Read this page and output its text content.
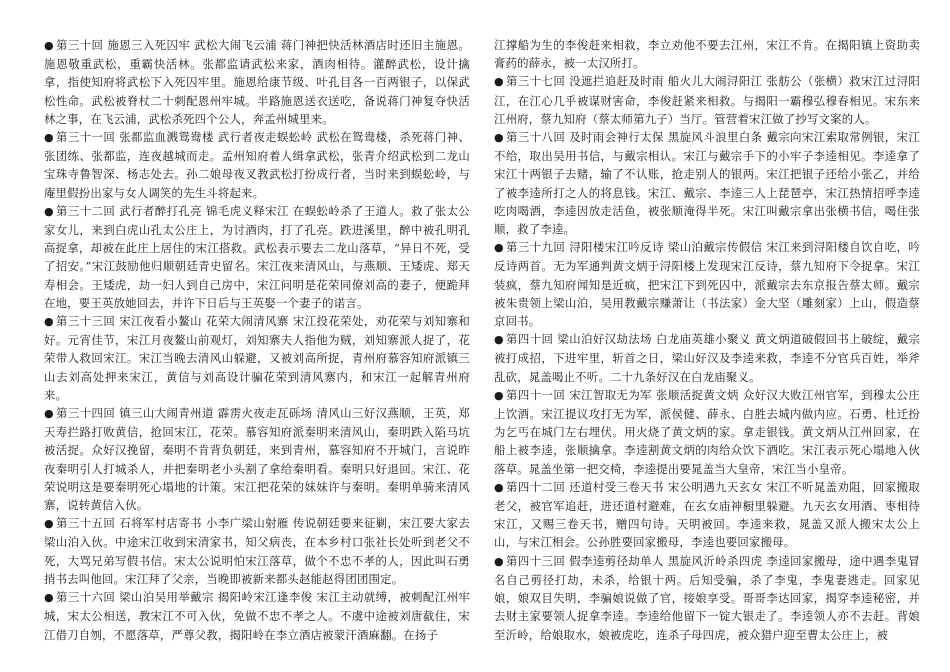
● 第三十回 施恩三入死囚牢 武松大闹飞云浦 蒋门神把快活林酒店时还旧主施恩。施恩敬重武松，重霸快活林。张都监请武松来家，酒肉相待。灌醉武松，设计擒拿，指使知府将武松下入死囚牢里。施恩给康节级、叶孔目各一百两银子，以保武松性命。武松被脊杖二十刺配恩州牢城。半路施恩送衣送吃，备说蒋门神复夺快活林之事，在飞云浦，武松杀死四个公人，奔孟州城里来。

● 第三十一回 张都监血溅鸳鸯楼 武行者夜走蜈蚣岭 武松在鸳鸯楼，杀死蒋门神、张团练、张都监，连夜越城而走。孟州知府着人缉拿武松，张青介绍武松到二龙山宝珠寺鲁智深、杨志处去。孙二娘母夜叉教武松打扮成行者，当时来到蜈蚣岭，与庵里假扮出家与女人调笑的先生斗将起来。

● 第三十二回 武行者醉打孔亮 锦毛虎义释宋江 在蜈蚣岭杀了王道人。救了张太公家女儿，来到白虎山孔太公庄上，为讨酒肉，打了孔亮。跌进溪里，醉中被孔明孔高捉拿，却被在此庄上居住的宋江搭救。武松表示要去二龙山落草，“异日不死，受了招安。”宋江鼓励他归顺朝廷青史留名。宋江夜来清风山，与燕顺、王矮虎、郑天寿相会。王矮虎，劫一妇人到自己房中，宋江问明是花荣同僚刘高的妻子，便跪拜在地，要王英放她回去，并许下日后与王英娶一个妻子的诺言。

● 第三十三回 宋江夜看小鳌山 花荣大闹清风寨 宋江投花荣处，劝花荣与刘知寨和好。元宵佳节，宋江月夜鳌山前观灯，刘知寨夫人指他为贼，刘知寨派人捉了，花荣带人救回宋江。宋江当晚去清风山躲避，又被刘高所捉，青州府慕容知府派镇三山去刘高处押来宋江，黄信与刘高设计骗花荣到清风寨内，和宋江一起解青州府来。

● 第三十四回 镇三山大闹青州道 霹雳火夜走瓦砾场 清风山三好汉燕顺，王英，郑天寿拦路打败黄信，抢回宋江，花荣。慕容知府派秦明来清风山，秦明跌入陷马坑被活捉。众好汉挽留，秦明不肯背负朝廷，来到青州，慕容知府不开城门，言说昨夜秦明引人打城杀人，并把秦明老小头割了拿给秦明看。秦明只好退回。宋江、花荣说明这是要秦明死心塌地的计策。宋江把花荣的妹妹许与秦明。秦明单骑来清风寨，说转黄信入伙。

● 第三十五回 石将军村店寄书 小李广梁山射雁 传说朝廷要来征剿，宋江要大家去梁山泊入伙。中途宋江收到宋清家书，知父病丧，在本乡村口张社长处听到老父不死，大骂兄弟写假书信。宋太公说明怕宋江落草，做个不忠不孝的人，因此叫石勇捎书去叫他回。宋江拜了父亲，当晚即被新来都头赵能赵得团团围定。

● 第三十六回 梁山泊吴用举戴宗 揭阳岭宋江逢李俊 宋江主动就缚，被刺配江州牢城，宋太公相送，教宋江不可入伙，免做不忠不孝之人。不虞中途被刘唐截住，宋江借刀自刎，不愿落草，严尊父教，揭阳岭在李立酒店被蒙汗酒麻翻。在扬子

江撑船为生的李俊赶来相救，李立劝他不要去江州，宋江不肯。在揭阳镇上资助卖膏药的薛永，被一太汉所打。

● 第三十七回 没遮拦追赶及时雨 船火儿大闹浔阳江 张舫公（张横）救宋江过浔阳江，在江心几乎被谋财害命，李俊赶紧来相救。与揭阳一霸穆弘穆春相见。宋东来江州府，蔡九知府（蔡太师第九子）当厅。管营着宋江做了抄写文案的人。

● 第三十八回 及时雨会神行太保 黑旋风斗浪里白条 戴宗向宋江索取常例银，宋江不给，取出吴用书信，与戴宗相认。宋江与戴宗手下的小牢子李逵相见。李逵拿了宋江十两银子去赌，输了不认账，抢走别人的银两。宋江把银子还给小张乙，并给了被李逵所打之人的将息钱。宋江、戴宗、李逵三人上琵琶亭，宋江热情招呼李逵吃肉喝酒，李逵因放走活鱼，被张顺淹得半死。宋江叫戴宗拿出张横书信，喝住张顺，救了李逵。

● 第三十九回 浔阳楼宋江吟反诗 梁山泊戴宗传假信 宋江来到浔阳楼自饮自吃，吟反诗两首。无为军通判黄文炳于浔阳楼上发现宋江反诗，蔡九知府下令捉拿。宋江装疯，蔡九知府闻知是近疯，把宋江下到死囚中，派戴宗去东京报告蔡太师。戴宗被朱贵领上梁山泊，吴用教戴宗赚萧让（书法家）金大坚（雕刻家）上山，假造蔡京回书。

● 第四十回 梁山泊好汉劫法场 白龙庙英雄小聚义 黄文炳道破假回书上破绽，戴宗被打成招，下进牢里，斩首之日，梁山好汉及李逵来救，李逵不分官兵百姓，举斧乱砍，晁盖喝止不听。二十九条好汉在白龙庙聚义。

● 第四十一回 宋江智取无为军 张顺活捉黄文炳 众好汉大败江州官军，到穆太公庄上饮酒。宋江提议攻打无为军，派侯健、薛永、白胜去城内做内应。石勇、杜迁扮为乞丐在城门左右埋伏。用火烧了黄文炳的家。拿走银钱。黄文炳从江州回家，在船上被李逵，张顺擒拿。李逵割黄文炳的肉给众饮下酒吃。宋江表示死心塌地入伙落草。晁盖坐第一把交椅，李逵提出要晁盖当大皇帝，宋江当小皇帝。

● 第四十二回 还道村受三卷天书 宋公明遇九天玄女 宋江不听晁盖劝阻，回家搬取老父，被官军追赶，进还道村避难，在玄女庙神橱里躲避。九天玄女用酒、枣相待宋江，又赐三卷天书，赠四句诗。天明被回。李逵来救，晁盖又派人搬宋太公上山，与宋江相会。公孙胜要回家搬母，李逵也要回家搬母。

● 第四十三回 假李逵剪径劫单人 黑旋风沂岭杀四虎 李逵回家搬母，途中遇李鬼冒名自己剪径打劫，未杀，给银十两。后知受骗，杀了李鬼，李鬼妻逃走。回家见娘，娘双目失明，李骗娘说做了官，接娘享受。哥哥李达回家，揭穿李逵秘密，并去财主家要领人捉拿李逵。李逵给他留下一锭大银走了。李逵领人亦不去赶。背娘至沂岭，给娘取水，娘被虎吃，连杀子母四虎，被众猎户迎至曹太公庄上，被
